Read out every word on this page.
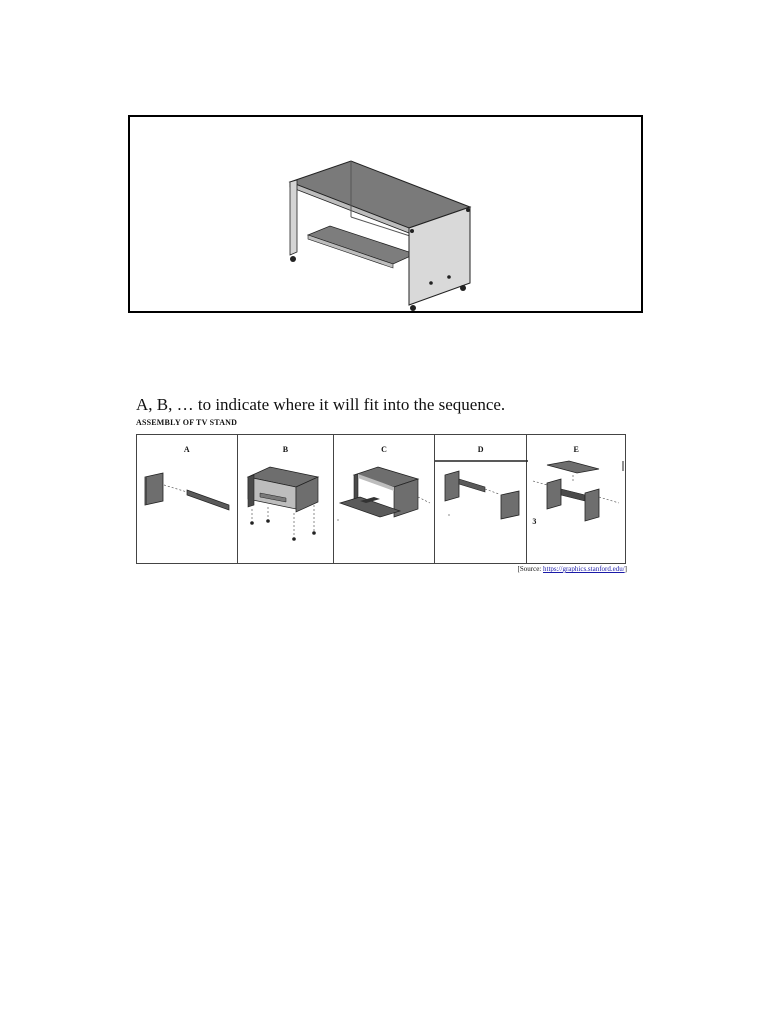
A, B, … to indicate where it will fit into the sequence.

ASSEMBLY OF TV STAND

A	B	C	D	E
3
[Source: https://graphics.stanford.edu/]
